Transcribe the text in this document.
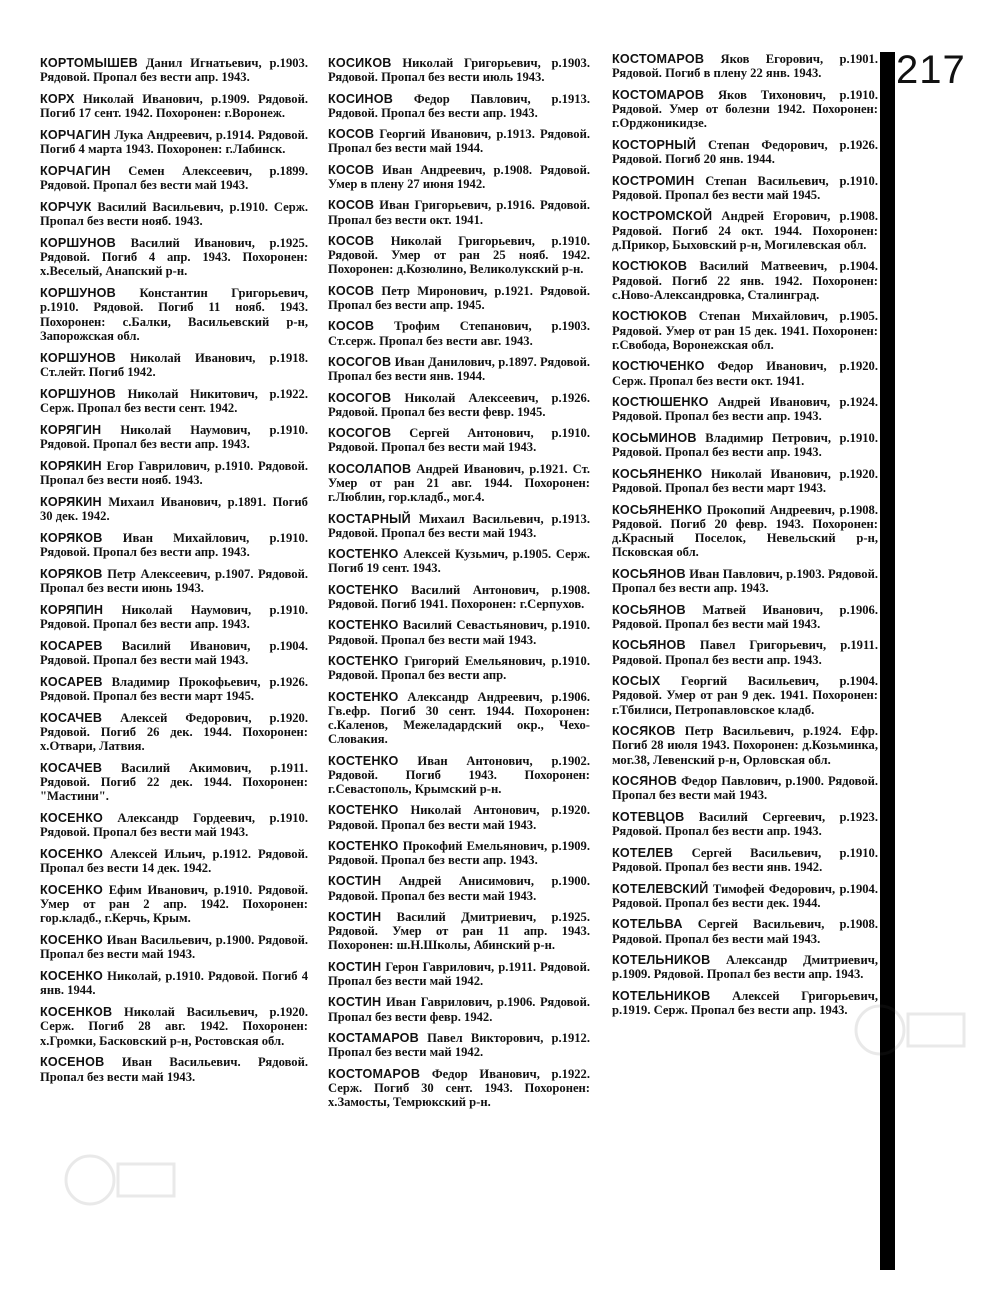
КОРТОМЫШЕВ Данил Игнатьевич, р.1903. Рядовой. Пропал без вести апр. 1943.
КОРХ Николай Иванович, р.1909. Рядовой. Погиб 17 сент. 1942. Похоронен: г.Воронеж.
КОРЧАГИН Лука Андреевич, р.1914. Рядовой. Погиб 4 марта 1943. Похоронен: г.Лабинск.
КОРЧАГИН Семен Алексеевич, р.1899. Рядовой. Пропал без вести май 1943.
КОРЧУК Василий Васильевич, р.1910. Серж. Пропал без вести нояб. 1943.
КОРШУНОВ Василий Иванович, р.1925. Рядовой. Погиб 4 апр. 1943. Похоронен: х.Веселый, Анапский р-н.
КОРШУНОВ Константин Григорьевич, р.1910. Рядовой. Погиб 11 нояб. 1943. Похоронен: с.Балки, Васильевский р-н, Запорожская обл.
КОРШУНОВ Николай Иванович, р.1918. Ст.лейт. Погиб 1942.
КОРШУНОВ Николай Никитович, р.1922. Серж. Пропал без вести сент. 1942.
КОРЯГИН Николай Наумович, р.1910. Рядовой. Пропал без вести апр. 1943.
КОРЯКИН Егор Гаврилович, р.1910. Рядовой. Пропал без вести нояб. 1943.
КОРЯКИН Михаил Иванович, р.1891. Погиб 30 дек. 1942.
КОРЯКОВ Иван Михайлович, р.1910. Рядовой. Пропал без вести апр. 1943.
КОРЯКОВ Петр Алексеевич, р.1907. Рядовой. Пропал без вести июнь 1943.
КОРЯПИН Николай Наумович, р.1910. Рядовой. Пропал без вести апр. 1943.
КОСАРЕВ Василий Иванович, р.1904. Рядовой. Пропал без вести май 1943.
КОСАРЕВ Владимир Прокофьевич, р.1926. Рядовой. Пропал без вести март 1945.
КОСАЧЕВ Алексей Федорович, р.1920. Рядовой. Погиб 26 дек. 1944. Похоронен: х.Отвари, Латвия.
КОСАЧЕВ Василий Акимович, р.1911. Рядовой. Погиб 22 дек. 1944. Похоронен: "Мастини".
КОСЕНКО Александр Гордеевич, р.1910. Рядовой. Пропал без вести май 1943.
КОСЕНКО Алексей Ильич, р.1912. Рядовой. Пропал без вести 14 дек. 1942.
КОСЕНКО Ефим Иванович, р.1910. Рядовой. Умер от ран 2 апр. 1942. Похоронен: гор.кладб., г.Керчь, Крым.
КОСЕНКО Иван Васильевич, р.1900. Рядовой. Пропал без вести май 1943.
КОСЕНКО Николай, р.1910. Рядовой. Погиб 4 янв. 1944.
КОСЕНКОВ Николай Васильевич, р.1920. Серж. Погиб 28 авг. 1942. Похоронен: х.Громки, Басковский р-н, Ростовская обл.
КОСЕНОВ Иван Васильевич. Рядовой. Пропал без вести май 1943.
КОСИКОВ Николай Григорьевич, р.1903. Рядовой. Пропал без вести июль 1943.
КОСИНОВ Федор Павлович, р.1913. Рядовой. Пропал без вести апр. 1943.
КОСОВ Георгий Иванович, р.1913. Рядовой. Пропал без вести май 1944.
КОСОВ Иван Андреевич, р.1908. Рядовой. Умер в плену 27 июня 1942.
КОСОВ Иван Григорьевич, р.1916. Рядовой. Пропал без вести окт. 1941.
КОСОВ Николай Григорьевич, р.1910. Рядовой. Умер от ран 25 нояб. 1942. Похоронен: д.Козюлино, Великолукский р-н.
КОСОВ Петр Миронович, р.1921. Рядовой. Пропал без вести апр. 1945.
КОСОВ Трофим Степанович, р.1903. Ст.серж. Пропал без вести авг. 1943.
КОСОГОВ Иван Данилович, р.1897. Рядовой. Пропал без вести янв. 1944.
КОСОГОВ Николай Алексеевич, р.1926. Рядовой. Пропал без вести февр. 1945.
КОСОГОВ Сергей Антонович, р.1910. Рядовой. Пропал без вести май 1943.
КОСОЛАПОВ Андрей Иванович, р.1921. Ст. Умер от ран 21 авг. 1944. Похоронен: г.Люблин, гор.кладб., мог.4.
КОСТАРНЫЙ Михаил Васильевич, р.1913. Рядовой. Пропал без вести май 1943.
КОСТЕНКО Алексей Кузьмич, р.1905. Серж. Погиб 19 сент. 1943.
КОСТЕНКО Василий Антонович, р.1908. Рядовой. Погиб 1941. Похоронен: г.Серпухов.
КОСТЕНКО Василий Севастьянович, р.1910. Рядовой. Пропал без вести май 1943.
КОСТЕНКО Григорий Емельянович, р.1910. Рядовой. Пропал без вести апр.
КОСТЕНКО Александр Андреевич, р.1906. Гв.ефр. Погиб 30 сент. 1944. Похоронен: с.Каленов, Межеладардский окр., Чехо-Словакия.
КОСТЕНКО Иван Антонович, р.1902. Рядовой. Погиб 1943. Похоронен: г.Севастополь, Крымский р-н.
КОСТЕНКО Николай Антонович, р.1920. Рядовой. Пропал без вести май 1943.
КОСТЕНКО Прокофий Емельянович, р.1909. Рядовой. Пропал без вести апр. 1943.
КОСТИН Андрей Анисимович, р.1900. Рядовой. Пропал без вести май 1943.
КОСТИН Василий Дмитриевич, р.1925. Рядовой. Умер от ран 11 апр. 1943. Похоронен: ш.Н.Школы, Абинский р-н.
КОСТИН Герон Гаврилович, р.1911. Рядовой. Пропал без вести май 1942.
КОСТИН Иван Гаврилович, р.1906. Рядовой. Пропал без вести февр. 1942.
КОСТАМАРОВ Павел Викторович, р.1912. Пропал без вести май 1942.
КОСТОМАРОВ Федор Иванович, р.1922. Серж. Погиб 30 сент. 1943. Похоронен: х.Замосты, Темрюкский р-н.
КОСТОМАРОВ Яков Егорович, р.1901. Рядовой. Погиб в плену 22 янв. 1943.
КОСТОМАРОВ Яков Тихонович, р.1910. Рядовой. Умер от болезни 1942. Похоронен: г.Орджоникидзе.
КОСТОРНЫЙ Степан Федорович, р.1926. Рядовой. Погиб 20 янв. 1944.
КОСТРОМИН Степан Васильевич, р.1910. Рядовой. Пропал без вести май 1945.
КОСТРОМСКОЙ Андрей Егорович, р.1908. Рядовой. Погиб 24 окт. 1944. Похоронен: д.Прикор, Быховский р-н, Могилевская обл.
КОСТЮКОВ Василий Матвеевич, р.1904. Рядовой. Погиб 22 янв. 1942. Похоронен: с.Ново-Александровка, Сталинград.
КОСТЮКОВ Степан Михайлович, р.1905. Рядовой. Умер от ран 15 дек. 1941. Похоронен: г.Свобода, Воронежская обл.
КОСТЮЧЕНКО Федор Иванович, р.1920. Серж. Пропал без вести окт. 1941.
КОСТЮШЕНКО Андрей Иванович, р.1924. Рядовой. Пропал без вести апр. 1943.
КОСЬМИНОВ Владимир Петрович, р.1910. Рядовой. Пропал без вести апр. 1943.
КОСЬЯНЕНКО Николай Иванович, р.1920. Рядовой. Пропал без вести март 1943.
КОСЬЯНЕНКО Прокопий Андреевич, р.1908. Рядовой. Погиб 20 февр. 1943. Похоронен: д.Красный Поселок, Невельский р-н, Псковская обл.
КОСЬЯНОВ Иван Павлович, р.1903. Рядовой. Пропал без вести апр. 1943.
КОСЬЯНОВ Матвей Иванович, р.1906. Рядовой. Пропал без вести май 1943.
КОСЬЯНОВ Павел Григорьевич, р.1911. Рядовой. Пропал без вести апр. 1943.
КОСЫХ Георгий Васильевич, р.1904. Рядовой. Умер от ран 9 дек. 1941. Похоронен: г.Тбилиси, Петропавловское кладб.
КОСЯКОВ Петр Васильевич, р.1924. Ефр. Погиб 28 июля 1943. Похоронен: д.Козьминка, мог.38, Левенский р-н, Орловская обл.
КОСЯНОВ Федор Павлович, р.1900. Рядовой. Пропал без вести май 1943.
КОТЕВЦОВ Василий Сергеевич, р.1923. Рядовой. Пропал без вести апр. 1943.
КОТЕЛЕВ Сергей Васильевич, р.1910. Рядовой. Пропал без вести янв. 1942.
КОТЕЛЕВСКИЙ Тимофей Федорович, р.1904. Рядовой. Пропал без вести дек. 1944.
КОТЕЛЬВА Сергей Васильевич, р.1908. Рядовой. Пропал без вести май 1943.
КОТЕЛЬНИКОВ Александр Дмитриевич, р.1909. Рядовой. Пропал без вести апр. 1943.
КОТЕЛЬНИКОВ Алексей Григорьевич, р.1919. Серж. Пропал без вести апр. 1943.
217
